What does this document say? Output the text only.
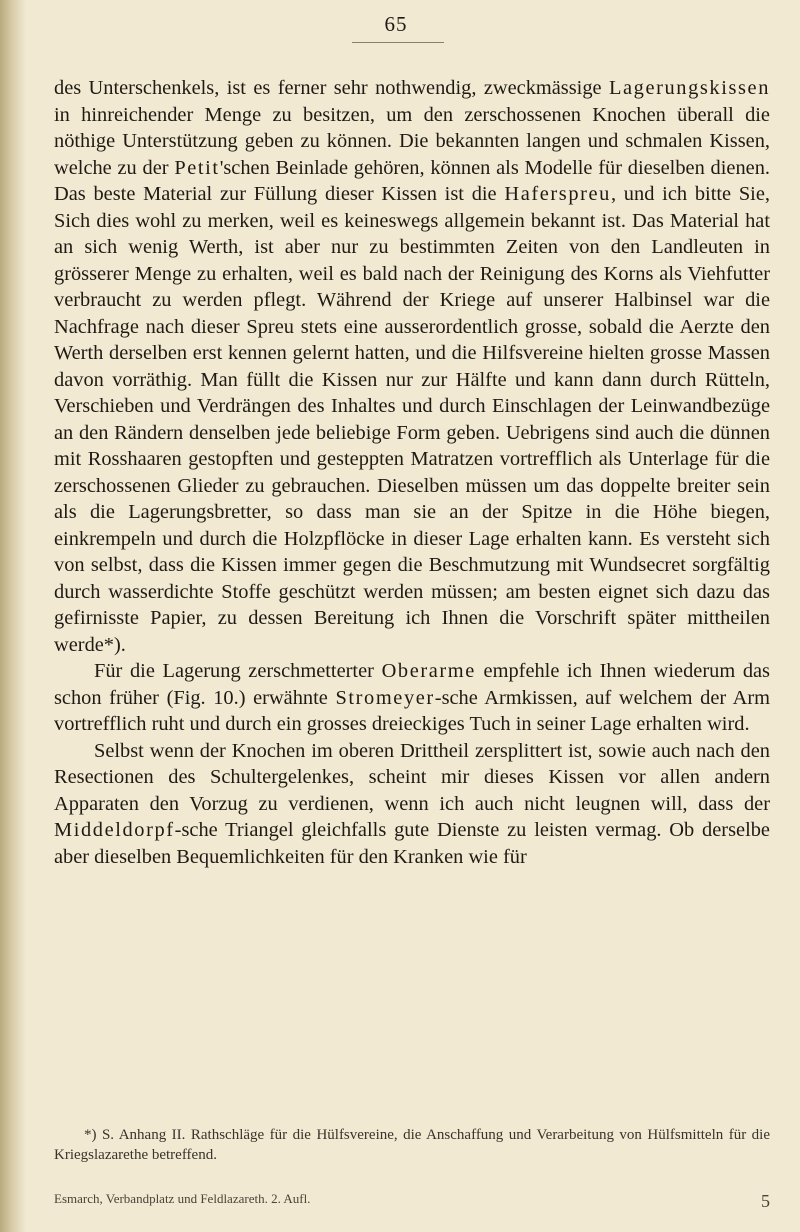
65

des Unterschenkels, ist es ferner sehr nothwendig, zweckmässige Lagerungskissen in hinreichender Menge zu besitzen, um den zerschossenen Knochen überall die nöthige Unterstützung geben zu können. Die bekannten langen und schmalen Kissen, welche zu der Petit'schen Beinlade gehören, können als Modelle für dieselben dienen. Das beste Material zur Füllung dieser Kissen ist die Haferspreu, und ich bitte Sie, Sich dies wohl zu merken, weil es keineswegs allgemein bekannt ist. Das Material hat an sich wenig Werth, ist aber nur zu bestimmten Zeiten von den Landleuten in grösserer Menge zu erhalten, weil es bald nach der Reinigung des Korns als Viehfutter verbraucht zu werden pflegt. Während der Kriege auf unserer Halbinsel war die Nachfrage nach dieser Spreu stets eine ausserordentlich grosse, sobald die Aerzte den Werth derselben erst kennen gelernt hatten, und die Hilfsvereine hielten grosse Massen davon vorräthig. Man füllt die Kissen nur zur Hälfte und kann dann durch Rütteln, Verschieben und Verdrängen des Inhaltes und durch Einschlagen der Leinwandbezüge an den Rändern denselben jede beliebige Form geben. Uebrigens sind auch die dünnen mit Rosshaaren gestopften und gesteppten Matratzen vortrefflich als Unterlage für die zerschossenen Glieder zu gebrauchen. Dieselben müssen um das doppelte breiter sein als die Lagerungsbretter, so dass man sie an der Spitze in die Höhe biegen, einkrempeln und durch die Holzpflöcke in dieser Lage erhalten kann. Es versteht sich von selbst, dass die Kissen immer gegen die Beschmutzung mit Wundsecret sorgfältig durch wasserdichte Stoffe geschützt werden müssen; am besten eignet sich dazu das gefirnisste Papier, zu dessen Bereitung ich Ihnen die Vorschrift später mittheilen werde*).

Für die Lagerung zerschmetterter Oberarme empfehle ich Ihnen wiederum das schon früher (Fig. 10.) erwähnte Stromeyer-sche Armkissen, auf welchem der Arm vortrefflich ruht und durch ein grosses dreieckiges Tuch in seiner Lage erhalten wird.

Selbst wenn der Knochen im oberen Drittheil zersplittert ist, sowie auch nach den Resectionen des Schultergelenkes, scheint mir dieses Kissen vor allen andern Apparaten den Vorzug zu verdienen, wenn ich auch nicht leugnen will, dass der Middeldorpf-sche Triangel gleichfalls gute Dienste zu leisten vermag. Ob derselbe aber dieselben Bequemlichkeiten für den Kranken wie für

*) S. Anhang II. Rathschläge für die Hülfsvereine, die Anschaffung und Verarbeitung von Hülfsmitteln für die Kriegslazarethe betreffend.

Esmarch, Verbandplatz und Feldlazareth. 2. Aufl.	5
